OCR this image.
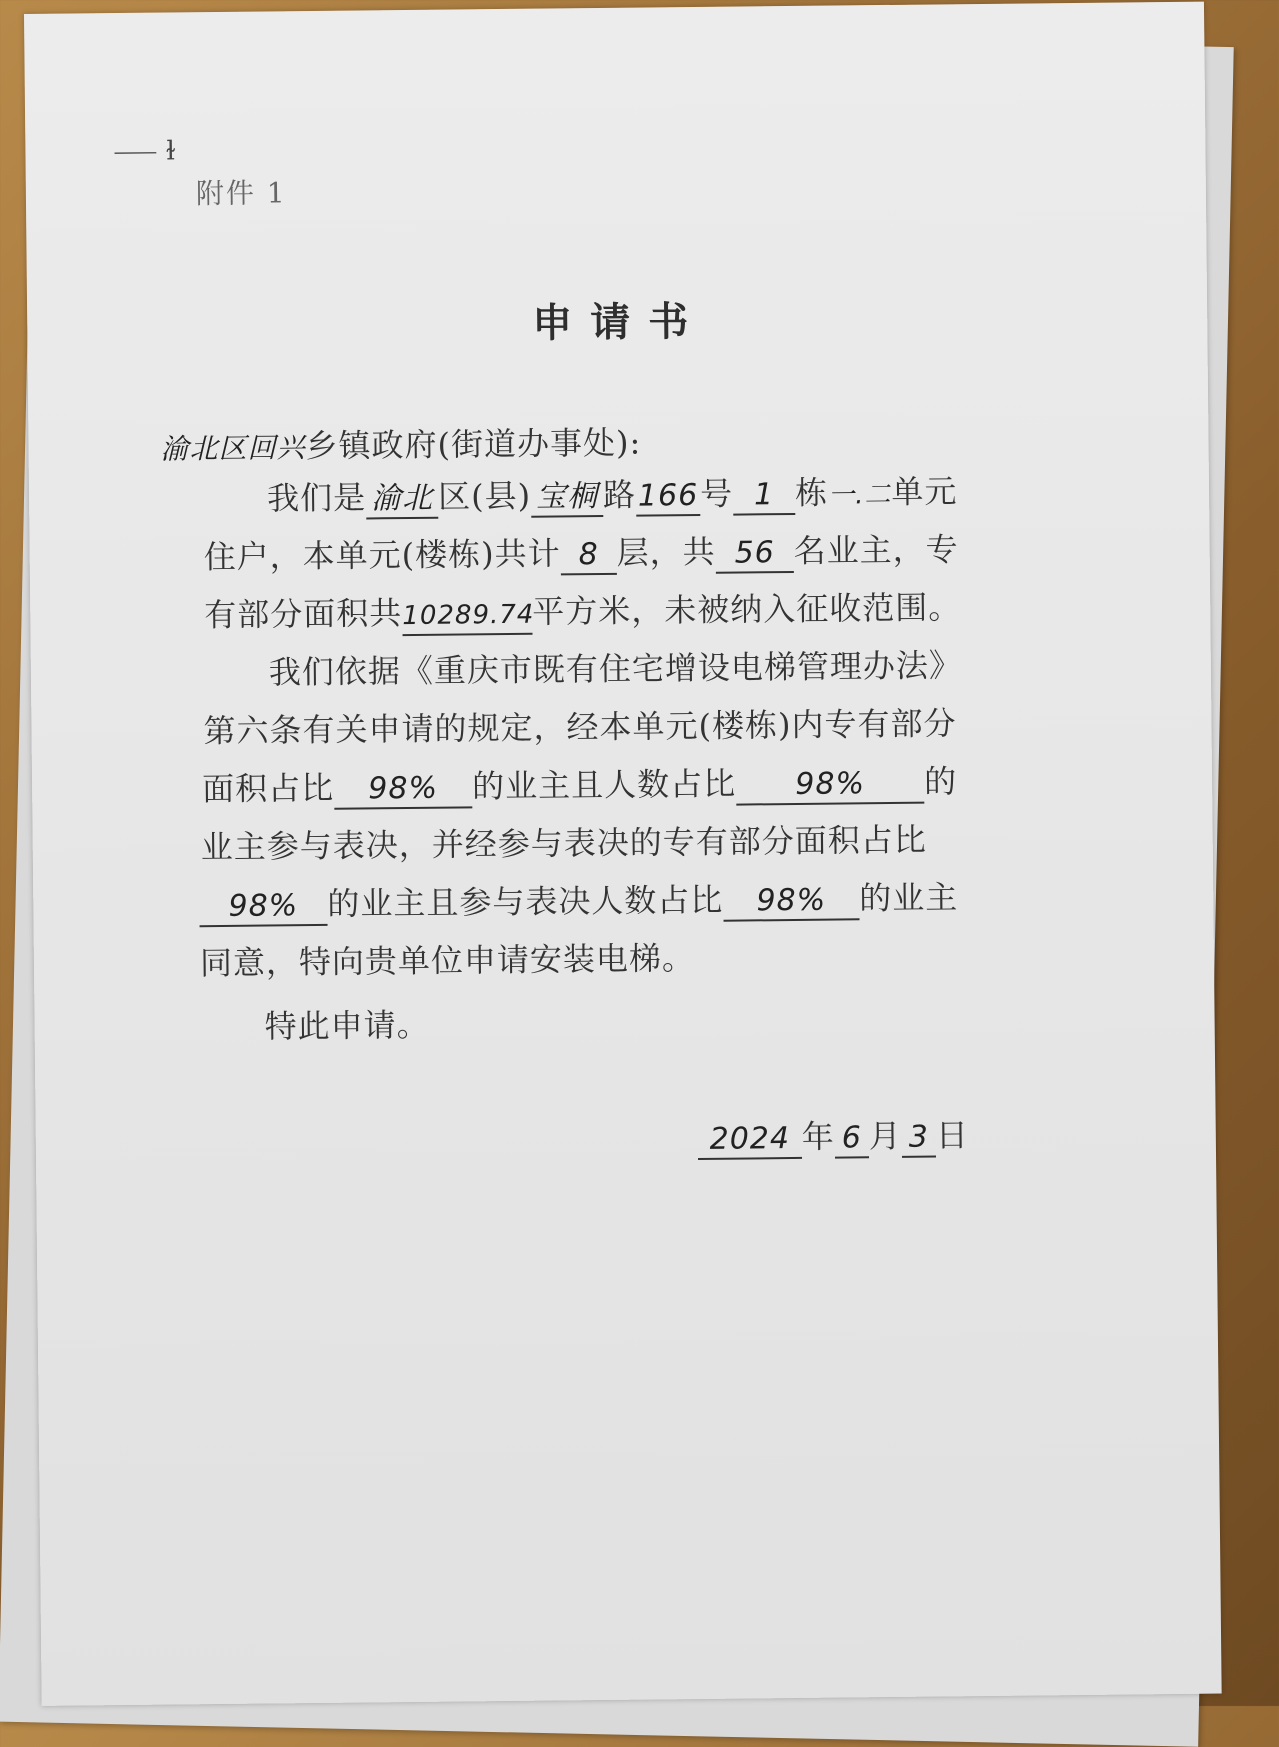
⸺ ɫ
附件 1
申请书
渝北区回兴乡镇政府(街道办事处):
我们是 渝北 区(县) 宝桐 路166号 1 栋一.二单元
住户，本单元(楼栋)共计 8 层，共 56 名业主，专
有部分面积共10289.74平方米，未被纳入征收范围。
我们依据《重庆市既有住宅增设电梯管理办法》
第六条有关申请的规定，经本单元(楼栋)内专有部分
面积占比 98% 的业主且人数占比 98% 的
业主参与表决，并经参与表决的专有部分面积占比
98% 的业主且参与表决人数占比 98% 的业主
同意，特向贵单位申请安装电梯。
特此申请。
2024 年 6 月 3 日
